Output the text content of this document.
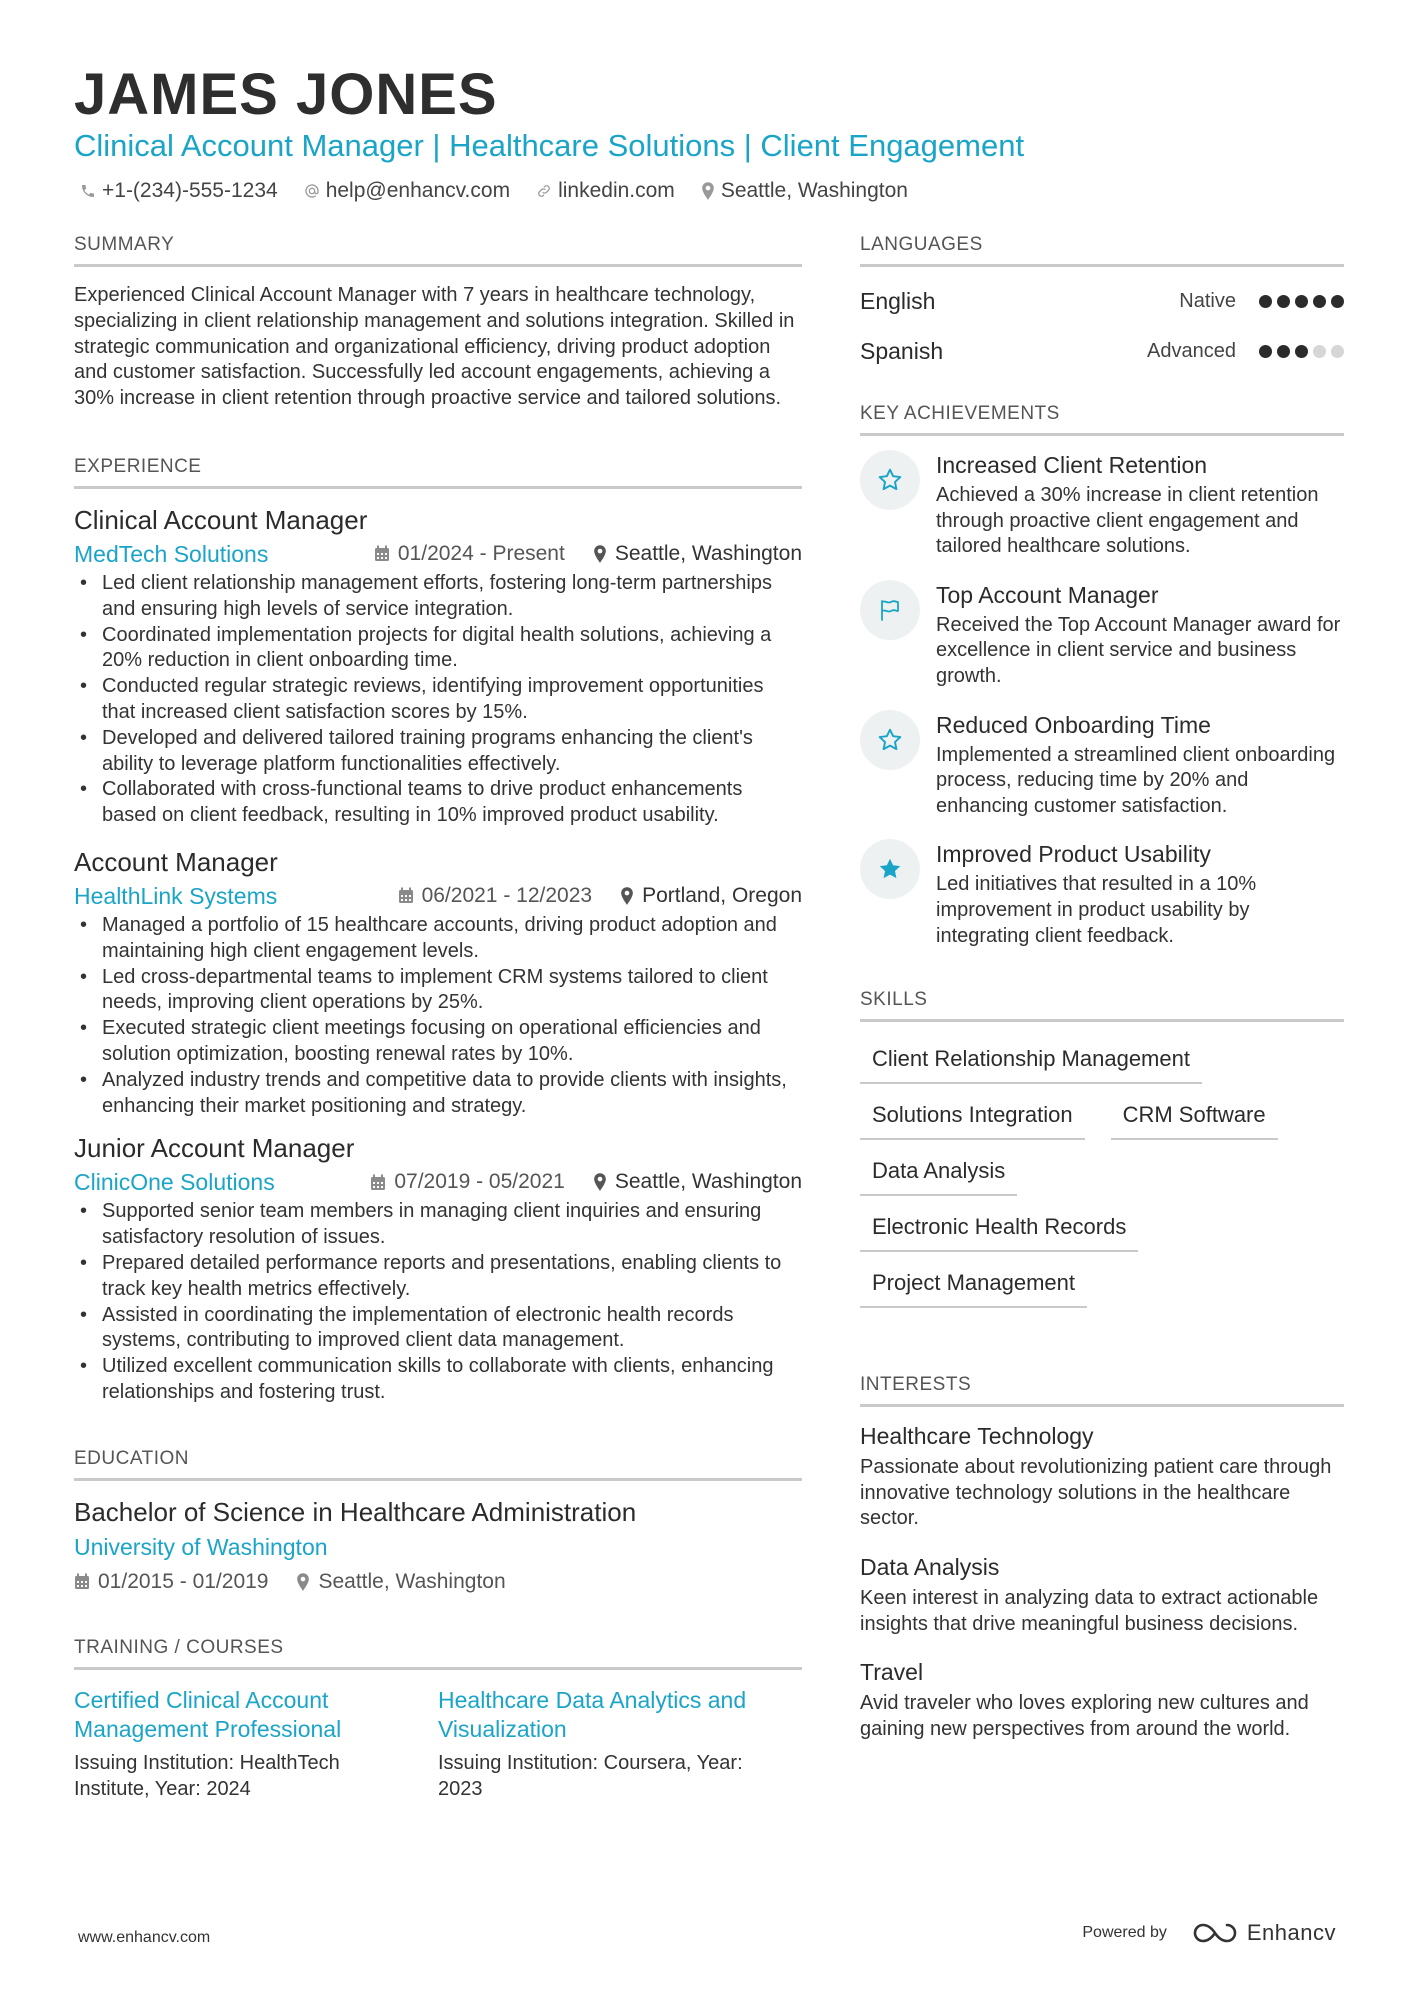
JAMES JONES
Clinical Account Manager | Healthcare Solutions | Client Engagement
+1-(234)-555-1234 help@enhancv.com linkedin.com Seattle, Washington
SUMMARY

Experienced Clinical Account Manager with 7 years in healthcare technology, specializing in client relationship management and solutions integration. Skilled in strategic communication and organizational efficiency, driving product adoption and customer satisfaction. Successfully led account engagements, achieving a 30% increase in client retention through proactive service and tailored solutions.

EXPERIENCE
Clinical Account Manager
MedTech Solutions	01/2024 - Present Seattle, Washington
• Led client relationship management efforts, fostering long-term partnerships and ensuring high levels of service integration.
• Coordinated implementation projects for digital health solutions, achieving a 20% reduction in client onboarding time.
• Conducted regular strategic reviews, identifying improvement opportunities that increased client satisfaction scores by 15%.
• Developed and delivered tailored training programs enhancing the client's ability to leverage platform functionalities effectively.
• Collaborated with cross-functional teams to drive product enhancements based on client feedback, resulting in 10% improved product usability.
Account Manager
HealthLink Systems	06/2021 - 12/2023 Portland, Oregon
• Managed a portfolio of 15 healthcare accounts, driving product adoption and maintaining high client engagement levels.
• Led cross-departmental teams to implement CRM systems tailored to client needs, improving client operations by 25%.
• Executed strategic client meetings focusing on operational efficiencies and solution optimization, boosting renewal rates by 10%.
• Analyzed industry trends and competitive data to provide clients with insights, enhancing their market positioning and strategy.
Junior Account Manager
ClinicOne Solutions	07/2019 - 05/2021 Seattle, Washington
• Supported senior team members in managing client inquiries and ensuring satisfactory resolution of issues.
• Prepared detailed performance reports and presentations, enabling clients to track key health metrics effectively.
• Assisted in coordinating the implementation of electronic health records systems, contributing to improved client data management.
• Utilized excellent communication skills to collaborate with clients, enhancing relationships and fostering trust.
EDUCATION
Bachelor of Science in Healthcare Administration
University of Washington
01/2015 - 01/2019 Seattle, Washington
TRAINING / COURSES
Certified Clinical Account Management Professional
Issuing Institution: HealthTech Institute, Year: 2024
Healthcare Data Analytics and Visualization
Issuing Institution: Coursera, Year: 2023
LANGUAGES
English	Native
Spanish	Advanced
KEY ACHIEVEMENTS
Increased Client Retention
Achieved a 30% increase in client retention through proactive client engagement and tailored healthcare solutions.
Top Account Manager
Received the Top Account Manager award for excellence in client service and business growth.
Reduced Onboarding Time
Implemented a streamlined client onboarding process, reducing time by 20% and enhancing customer satisfaction.
Improved Product Usability
Led initiatives that resulted in a 10% improvement in product usability by integrating client feedback.
SKILLS
Client Relationship Management
Solutions Integration	CRM Software
Data Analysis
Electronic Health Records
Project Management
INTERESTS
Healthcare Technology
Passionate about revolutionizing patient care through innovative technology solutions in the healthcare sector.
Data Analysis
Keen interest in analyzing data to extract actionable insights that drive meaningful business decisions.
Travel
Avid traveler who loves exploring new cultures and gaining new perspectives from around the world.
www.enhancv.com	Powered by	Enhancv
